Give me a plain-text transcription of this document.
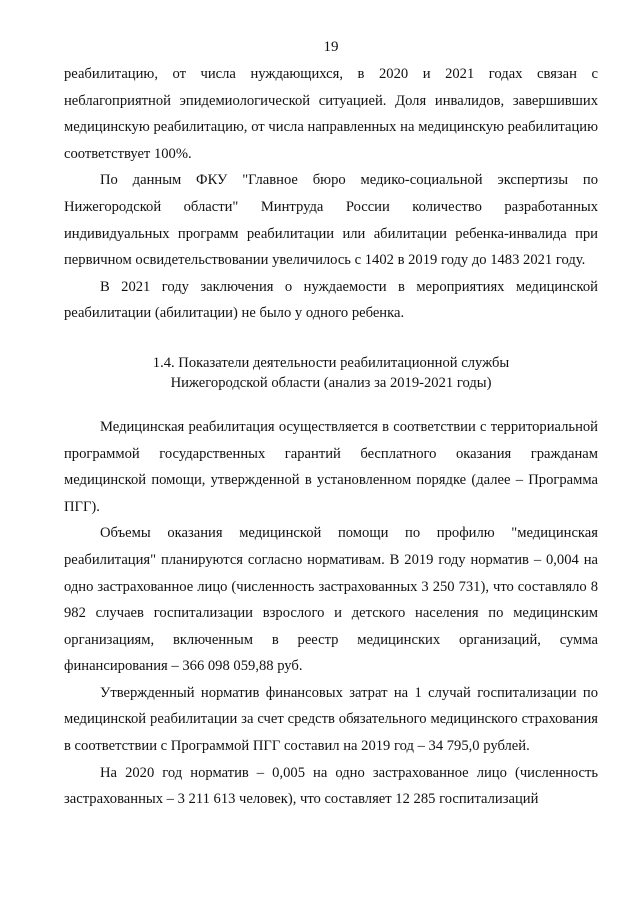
19

реабилитацию, от числа нуждающихся, в 2020 и 2021 годах связан с неблагоприятной эпидемиологической ситуацией. Доля инвалидов, завершивших медицинскую реабилитацию, от числа направленных на медицинскую реабилитацию соответствует 100%.

По данным ФКУ "Главное бюро медико-социальной экспертизы по Нижегородской области" Минтруда России количество разработанных индивидуальных программ реабилитации или абилитации ребенка-инвалида при первичном освидетельствовании увеличилось с 1402 в 2019 году до 1483 2021 году.

В 2021 году заключения о нуждаемости в мероприятиях медицинской реабилитации (абилитации) не было у одного ребенка.

1.4. Показатели деятельности реабилитационной службы
Нижегородской области (анализ за 2019-2021 годы)

Медицинская реабилитация осуществляется в соответствии с территориальной программой государственных гарантий бесплатного оказания гражданам медицинской помощи, утвержденной в установленном порядке (далее – Программа ПГГ).

Объемы оказания медицинской помощи по профилю "медицинская реабилитация" планируются согласно нормативам. В 2019 году норматив – 0,004 на одно застрахованное лицо (численность застрахованных 3 250 731), что составляло 8 982 случаев госпитализации взрослого и детского населения по медицинским организациям, включенным в реестр медицинских организаций, сумма финансирования – 366 098 059,88 руб.

Утвержденный норматив финансовых затрат на 1 случай госпитализации по медицинской реабилитации за счет средств обязательного медицинского страхования в соответствии с Программой ПГГ составил на 2019 год – 34 795,0 рублей.

На 2020 год норматив – 0,005 на одно застрахованное лицо (численность застрахованных – 3 211 613 человек), что составляет 12 285 госпитализаций
